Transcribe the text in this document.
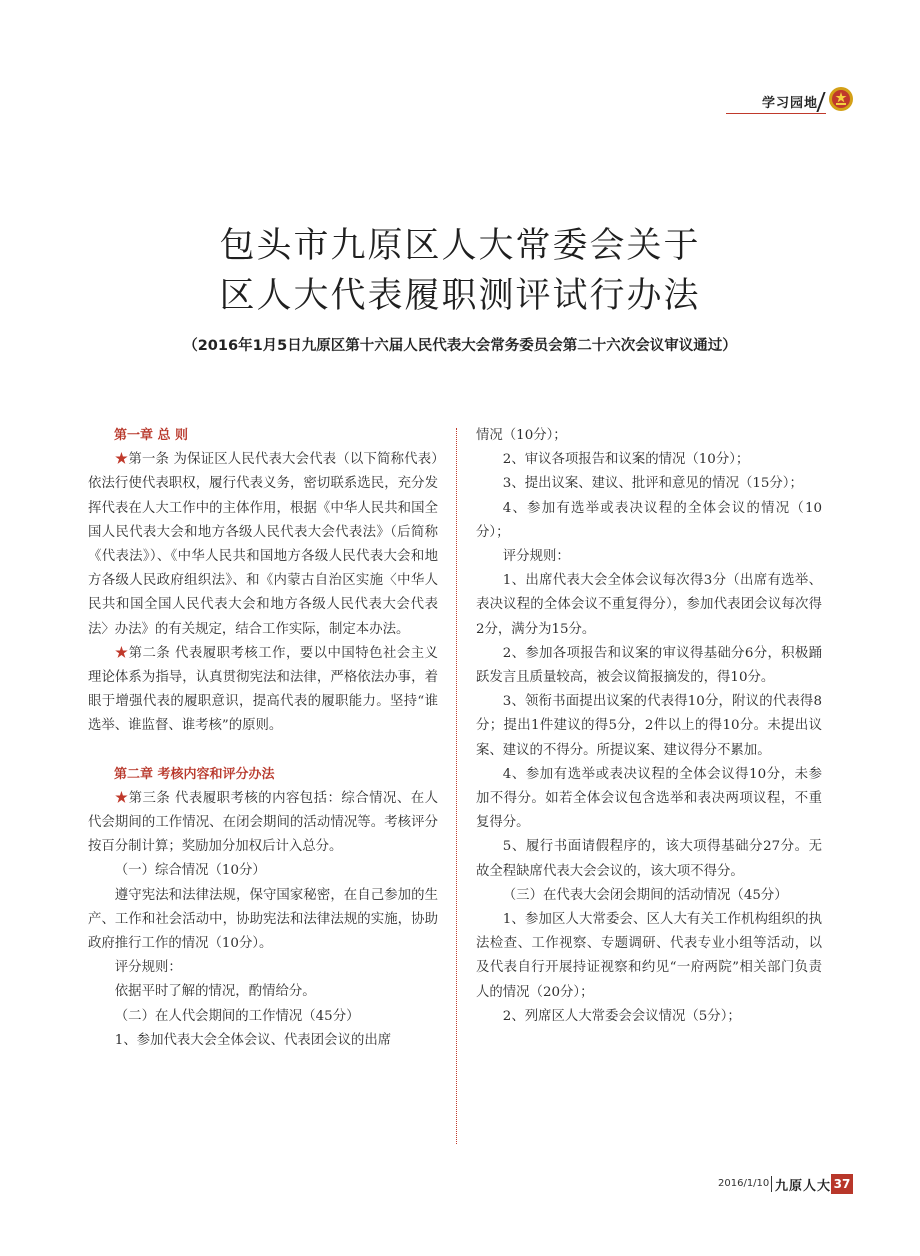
学习园地
包头市九原区人大常委会关于
区人大代表履职测评试行办法
（2016年1月5日九原区第十六届人民代表大会常务委员会第二十六次会议审议通过）

第一章 总 则

★第一条 为保证区人民代表大会代表（以下简称代表）依法行使代表职权，履行代表义务，密切联系选民，充分发挥代表在人大工作中的主体作用，根据《中华人民共和国全国人民代表大会和地方各级人民代表大会代表法》（后简称《代表法》）、《中华人民共和国地方各级人民代表大会和地方各级人民政府组织法》、和《内蒙古自治区实施〈中华人民共和国全国人民代表大会和地方各级人民代表大会代表法〉办法》的有关规定，结合工作实际，制定本办法。

★第二条 代表履职考核工作，要以中国特色社会主义理论体系为指导，认真贯彻宪法和法律，严格依法办事，着眼于增强代表的履职意识，提高代表的履职能力。坚持“谁选举、谁监督、谁考核”的原则。

第二章 考核内容和评分办法

★第三条 代表履职考核的内容包括：综合情况、在人代会期间的工作情况、在闭会期间的活动情况等。考核评分按百分制计算；奖励加分加权后计入总分。

（一）综合情况（10分）

遵守宪法和法律法规，保守国家秘密，在自己参加的生产、工作和社会活动中，协助宪法和法律法规的实施，协助政府推行工作的情况（10分）。

评分规则：

依据平时了解的情况，酌情给分。

（二）在人代会期间的工作情况（45分）

1、参加代表大会全体会议、代表团会议的出席

情况（10分）；

2、审议各项报告和议案的情况（10分）；

3、提出议案、建议、批评和意见的情况（15分）；

4、参加有选举或表决议程的全体会议的情况（10分）；

评分规则：

1、出席代表大会全体会议每次得3分（出席有选举、表决议程的全体会议不重复得分），参加代表团会议每次得2分，满分为15分。

2、参加各项报告和议案的审议得基础分6分，积极踊跃发言且质量较高，被会议简报摘发的，得10分。

3、领衔书面提出议案的代表得10分，附议的代表得8分；提出1件建议的得5分，2件以上的得10分。未提出议案、建议的不得分。所提议案、建议得分不累加。

4、参加有选举或表决议程的全体会议得10分，未参加不得分。如若全体会议包含选举和表决两项议程，不重复得分。

5、履行书面请假程序的，该大项得基础分27分。无故全程缺席代表大会会议的，该大项不得分。

（三）在代表大会闭会期间的活动情况（45分）

1、参加区人大常委会、区人大有关工作机构组织的执法检查、工作视察、专题调研、代表专业小组等活动，以及代表自行开展持证视察和约见“一府两院”相关部门负责人的情况（20分）；

2、列席区人大常委会会议情况（5分）；

2016/1/10 九原人大 37
